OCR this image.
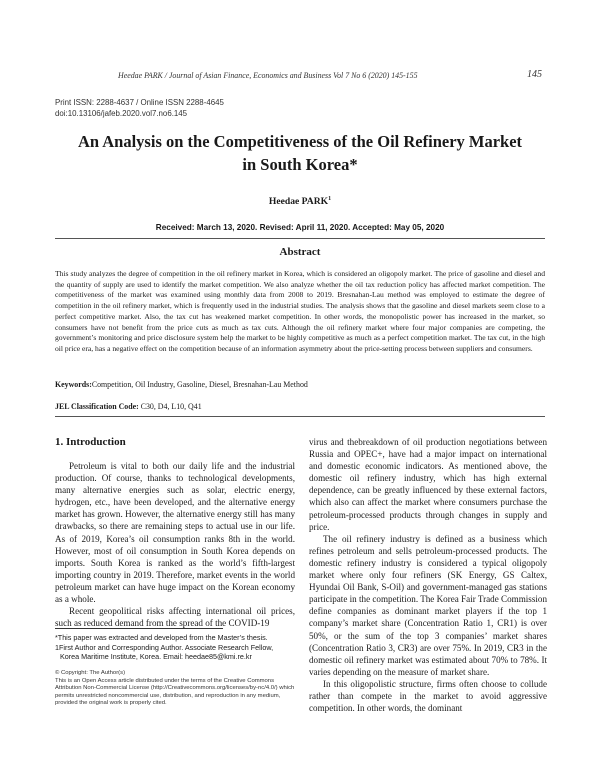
Heedae PARK / Journal of Asian Finance, Economics and Business Vol 7 No 6 (2020) 145-155	145
Print ISSN: 2288-4637 / Online ISSN 2288-4645
doi:10.13106/jafeb.2020.vol7.no6.145
An Analysis on the Competitiveness of the Oil Refinery Market
in South Korea*
Heedae PARK$^1$
Received: March 13, 2020. Revised: April 11, 2020. Accepted: May 05, 2020
Abstract
This study analyzes the degree of competition in the oil refinery market in Korea, which is considered an oligopoly market. The price of gasoline and diesel and the quantity of supply are used to identify the market competition. We also analyze whether the oil tax reduction policy has affected market competition. The competitiveness of the market was examined using monthly data from 2008 to 2019. Bresnahan-Lau method was employed to estimate the degree of competition in the oil refinery market, which is frequently used in the industrial studies. The analysis shows that the gasoline and diesel markets seem close to a perfect competitive market. Also, the tax cut has weakened market competition. In other words, the monopolistic power has increased in the market, so consumers have not benefit from the price cuts as much as tax cuts. Although the oil refinery market where four major companies are competing, the government’s monitoring and price disclosure system help the market to be highly competitive as much as a perfect competition market. The tax cut, in the high oil price era, has a negative effect on the competition because of an information asymmetry about the price-setting process between suppliers and consumers.
Keywords:Competition, Oil Industry, Gasoline, Diesel, Bresnahan-Lau Method
JEL Classification Code: C30, D4, L10, Q41
1. Introduction

Petroleum is vital to both our daily life and the industrial production. Of course, thanks to technological developments, many alternative energies such as solar, electric energy, hydrogen, etc., have been developed, and the alternative energy market has grown. However, the alternative energy still has many drawbacks, so there are remaining steps to actual use in our life. As of 2019, Korea’s oil consumption ranks 8th in the world. However, most of oil consumption in South Korea depends on imports. South Korea is ranked as the world’s fifth-largest importing country in 2019. Therefore, market events in the world petroleum market can have huge impact on the Korean economy as a whole.

Recent geopolitical risks affecting international oil prices, such as reduced demand from the spread of the COVID-19

*This paper was extracted and developed from the Master’s thesis.
1First Author and Corresponding Author. Associate Research Fellow,
Korea Maritime Institute, Korea. Email: heedae85@kmi.re.kr
© Copyright: The Author(s)
This is an Open Access article distributed under the terms of the Creative Commons Attribution Non-Commercial License (http://Creativecommons.org/licenses/by-nc/4.0/) which permits unrestricted noncommercial use, distribution, and reproduction in any medium, provided the original work is properly cited.

virus and thebreakdown of oil production negotiations between Russia and OPEC+, have had a major impact on international and domestic economic indicators. As mentioned above, the domestic oil refinery industry, which has high external dependence, can be greatly influenced by these external factors, which also can affect the market where consumers purchase the petroleum-processed products through changes in supply and price.

The oil refinery industry is defined as a business which refines petroleum and sells petroleum-processed products. The domestic refinery industry is considered a typical oligopoly market where only four refiners (SK Energy, GS Caltex, Hyundai Oil Bank, S-Oil) and government-managed gas stations participate in the competition. The Korea Fair Trade Commission define companies as dominant market players if the top 1 company’s market share (Concentration Ratio 1, CR1) is over 50%, or the sum of the top 3 companies’ market shares (Concentration Ratio 3, CR3) are over 75%. In 2019, CR3 in the domestic oil refinery market was estimated about 70% to 78%. It varies depending on the measure of market share.

In this oligopolistic structure, firms often choose to collude rather than compete in the market to avoid aggressive competition. In other words, the dominant
